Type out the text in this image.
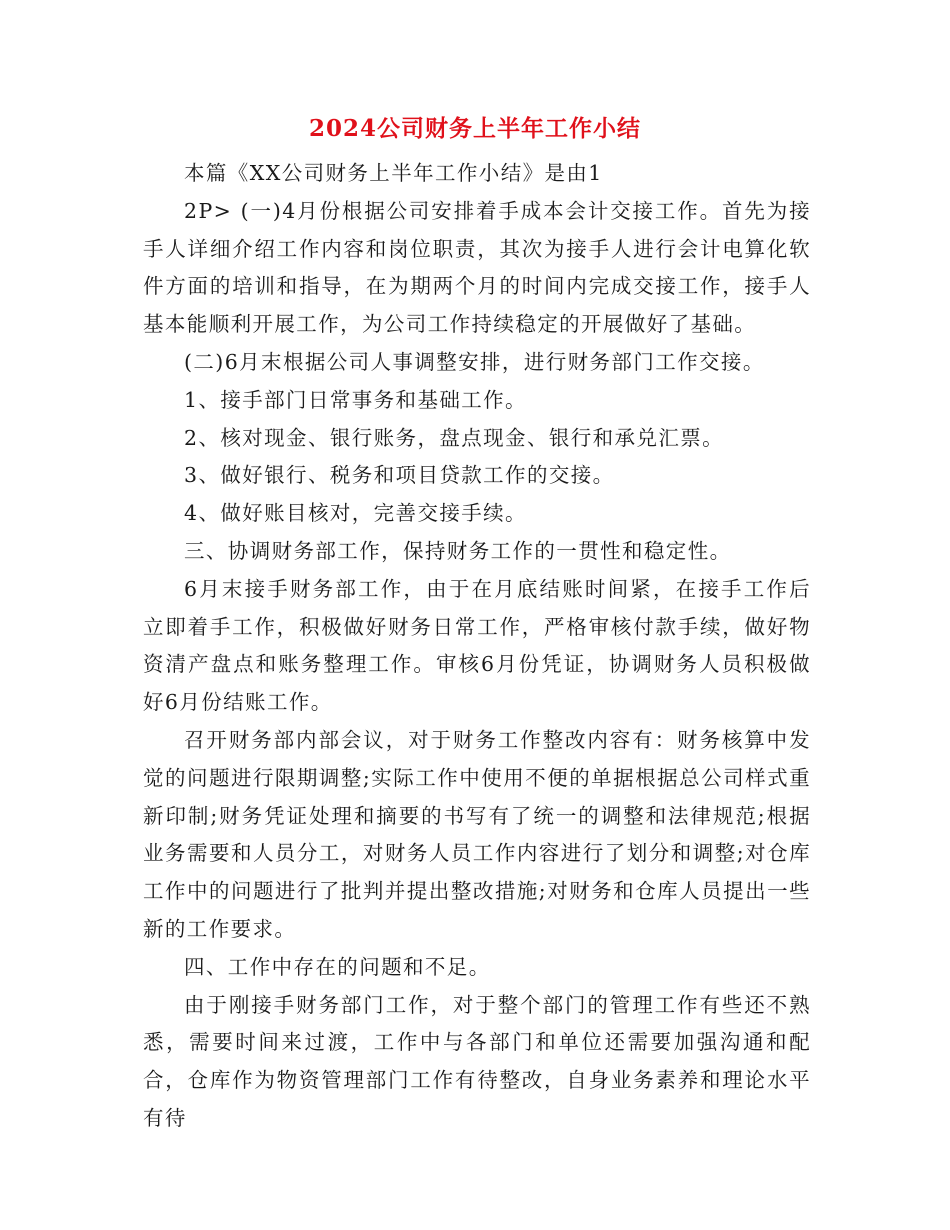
2024公司财务上半年工作小结

本篇《XX公司财务上半年工作小结》是由1

2P> (一)4月份根据公司安排着手成本会计交接工作。首先为接手人详细介绍工作内容和岗位职责，其次为接手人进行会计电算化软件方面的培训和指导，在为期两个月的时间内完成交接工作，接手人基本能顺利开展工作，为公司工作持续稳定的开展做好了基础。

(二)6月末根据公司人事调整安排，进行财务部门工作交接。

1、接手部门日常事务和基础工作。

2、核对现金、银行账务，盘点现金、银行和承兑汇票。

3、做好银行、税务和项目贷款工作的交接。

4、做好账目核对，完善交接手续。

三、协调财务部工作，保持财务工作的一贯性和稳定性。

6月末接手财务部工作，由于在月底结账时间紧，在接手工作后立即着手工作，积极做好财务日常工作，严格审核付款手续，做好物资清产盘点和账务整理工作。审核6月份凭证，协调财务人员积极做好6月份结账工作。

召开财务部内部会议，对于财务工作整改内容有：财务核算中发觉的问题进行限期调整;实际工作中使用不便的单据根据总公司样式重新印制;财务凭证处理和摘要的书写有了统一的调整和法律规范;根据业务需要和人员分工，对财务人员工作内容进行了划分和调整;对仓库工作中的问题进行了批判并提出整改措施;对财务和仓库人员提出一些新的工作要求。

四、工作中存在的问题和不足。

由于刚接手财务部门工作，对于整个部门的管理工作有些还不熟悉，需要时间来过渡，工作中与各部门和单位还需要加强沟通和配合，仓库作为物资管理部门工作有待整改，自身业务素养和理论水平有待
